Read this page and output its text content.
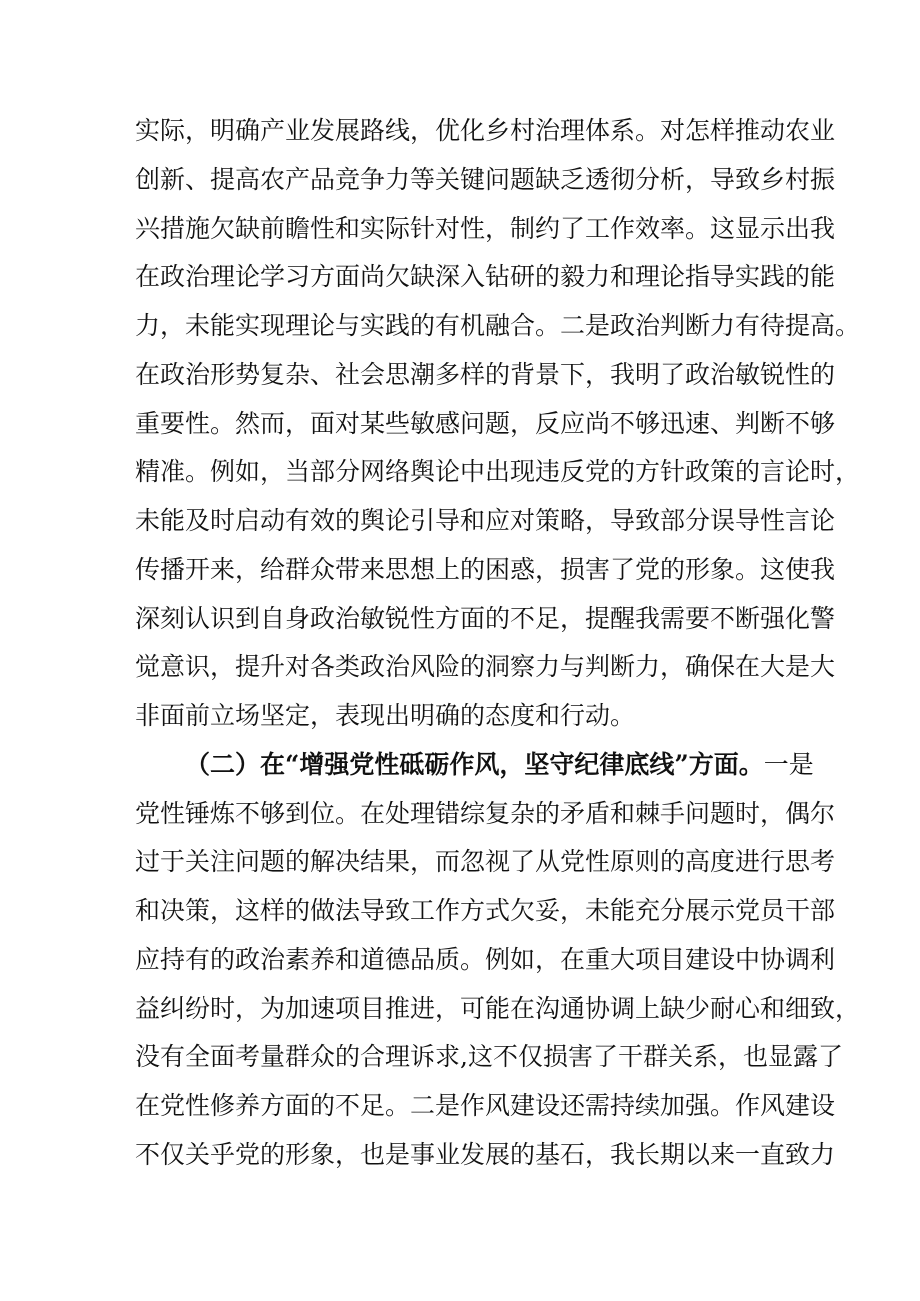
实际，明确产业发展路线，优化乡村治理体系。对怎样推动农业
创新、提高农产品竞争力等关键问题缺乏透彻分析，导致乡村振
兴措施欠缺前瞻性和实际针对性，制约了工作效率。这显示出我
在政治理论学习方面尚欠缺深入钻研的毅力和理论指导实践的能
力，未能实现理论与实践的有机融合。二是政治判断力有待提高。
在政治形势复杂、社会思潮多样的背景下，我明了政治敏锐性的
重要性。然而，面对某些敏感问题，反应尚不够迅速、判断不够
精准。例如，当部分网络舆论中出现违反党的方针政策的言论时，
未能及时启动有效的舆论引导和应对策略，导致部分误导性言论
传播开来，给群众带来思想上的困惑，损害了党的形象。这使我
深刻认识到自身政治敏锐性方面的不足，提醒我需要不断强化警
觉意识，提升对各类政治风险的洞察力与判断力，确保在大是大
非面前立场坚定，表现出明确的态度和行动。
（二）在“增强党性砥砺作风，坚守纪律底线”方面。一是
党性锤炼不够到位。在处理错综复杂的矛盾和棘手问题时，偶尔
过于关注问题的解决结果，而忽视了从党性原则的高度进行思考
和决策，这样的做法导致工作方式欠妥，未能充分展示党员干部
应持有的政治素养和道德品质。例如，在重大项目建设中协调利
益纠纷时，为加速项目推进，可能在沟通协调上缺少耐心和细致，
没有全面考量群众的合理诉求,这不仅损害了干群关系，也显露了
在党性修养方面的不足。二是作风建设还需持续加强。作风建设
不仅关乎党的形象，也是事业发展的基石，我长期以来一直致力
